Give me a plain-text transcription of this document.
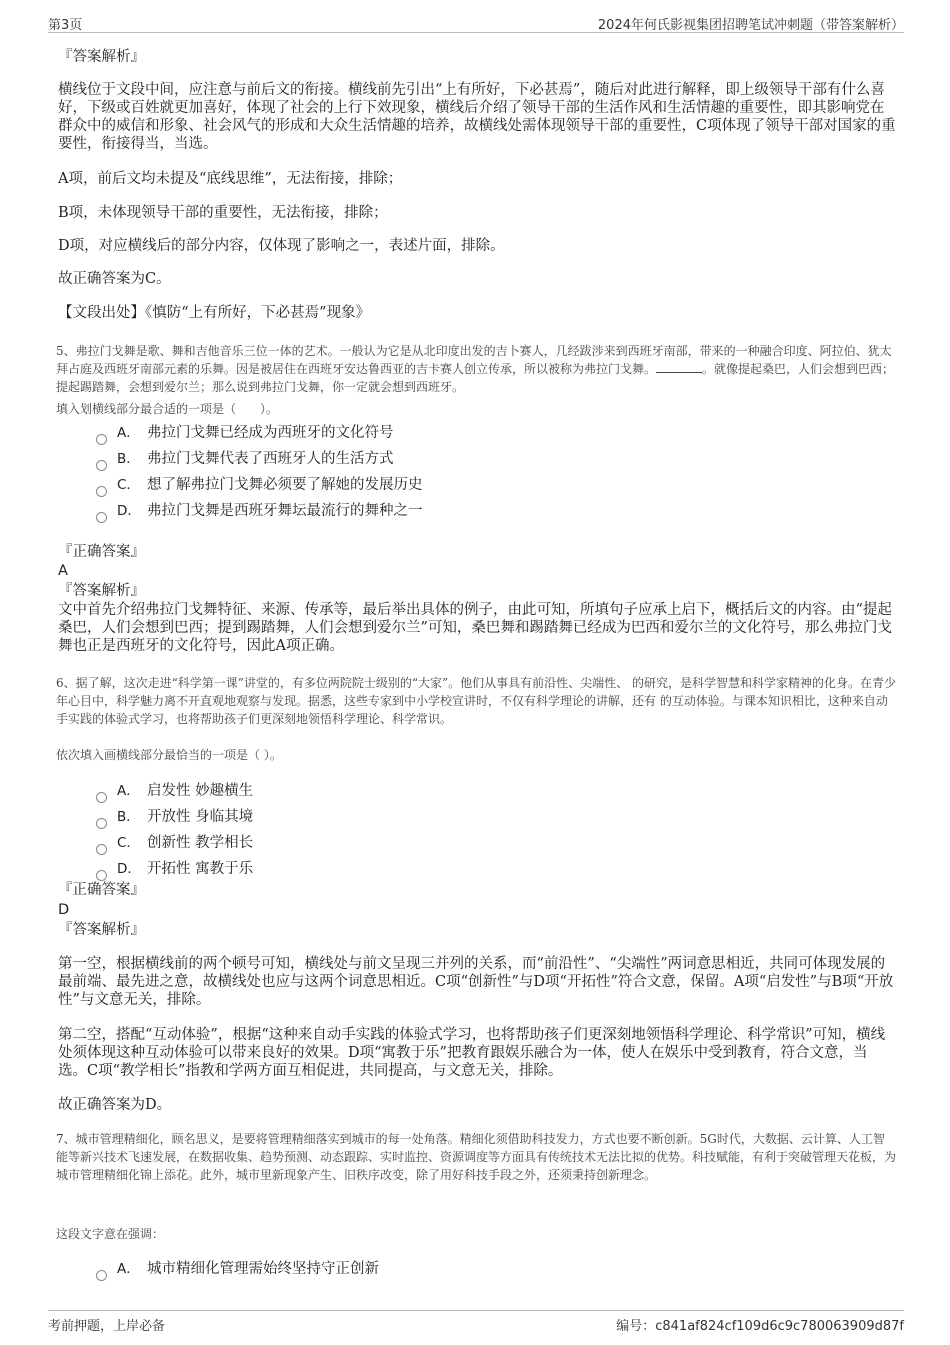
第3页	2024年何氏影视集团招聘笔试冲刺题（带答案解析）

『答案解析』

横线位于文段中间，应注意与前后文的衔接。横线前先引出“上有所好，下必甚焉”，随后对此进行解释，即上级领导干部有什么喜好，下级或百姓就更加喜好，体现了社会的上行下效现象，横线后介绍了领导干部的生活作风和生活情趣的重要性，即其影响党在群众中的威信和形象、社会风气的形成和大众生活情趣的培养，故横线处需体现领导干部的重要性，C项体现了领导干部对国家的重要性，衔接得当，当选。

A项，前后文均未提及“底线思维”，无法衔接，排除；

B项，未体现领导干部的重要性，无法衔接，排除；

D项，对应横线后的部分内容，仅体现了影响之一，表述片面，排除。

故正确答案为C。

【文段出处】《慎防“上有所好，下必甚焉”现象》

5、弗拉门戈舞是歌、舞和吉他音乐三位一体的艺术。一般认为它是从北印度出发的吉卜赛人，几经跋涉来到西班牙南部，带来的一种融合印度、阿拉伯、犹太拜占庭及西班牙南部元素的乐舞。因是被居住在西班牙安达鲁西亚的吉卡赛人创立传承，所以被称为弗拉门戈舞。	。就像提起桑巴，人们会想到巴西；提起踢踏舞，会想到爱尔兰；那么说到弗拉门戈舞，你一定就会想到西班牙。

填入划横线部分最合适的一项是（　　）。

A． 弗拉门戈舞已经成为西班牙的文化符号
B． 弗拉门戈舞代表了西班牙人的生活方式
C． 想了解弗拉门戈舞必须要了解她的发展历史
D． 弗拉门戈舞是西班牙舞坛最流行的舞种之一

『正确答案』

A

『答案解析』

文中首先介绍弗拉门戈舞特征、来源、传承等，最后举出具体的例子，由此可知，所填句子应承上启下，概括后文的内容。由“提起桑巴，人们会想到巴西；提到踢踏舞，人们会想到爱尔兰”可知，桑巴舞和踢踏舞已经成为巴西和爱尔兰的文化符号，那么弗拉门戈舞也正是西班牙的文化符号，因此A项正确。

6、据了解，这次走进“科学第一课”讲堂的，有多位两院院士级别的“大家”。他们从事具有前沿性、尖端性、 的研究，是科学智慧和科学家精神的化身。在青少年心目中，科学魅力离不开直观地观察与发现。据悉，这些专家到中小学校宣讲时，不仅有科学理论的讲解，还有 的互动体验。与课本知识相比，这种来自动手实践的体验式学习，也将帮助孩子们更深刻地领悟科学理论、科学常识。

依次填入画横线部分最恰当的一项是（ ）。

A． 启发性 妙趣横生
B． 开放性 身临其境
C． 创新性 教学相长
D． 开拓性 寓教于乐

『正确答案』

D

『答案解析』

第一空，根据横线前的两个顿号可知，横线处与前文呈现三并列的关系，而“前沿性”、“尖端性”两词意思相近，共同可体现发展的最前端、最先进之意，故横线处也应与这两个词意思相近。C项“创新性”与D项“开拓性”符合文意，保留。A项“启发性”与B项“开放性”与文意无关，排除。

第二空，搭配“互动体验”，根据“这种来自动手实践的体验式学习，也将帮助孩子们更深刻地领悟科学理论、科学常识”可知，横线处须体现这种互动体验可以带来良好的效果。D项“寓教于乐”把教育跟娱乐融合为一体，使人在娱乐中受到教育，符合文意，当选。C项“教学相长”指教和学两方面互相促进，共同提高，与文意无关，排除。

故正确答案为D。

7、城市管理精细化，顾名思义，是要将管理精细落实到城市的每一处角落。精细化须借助科技发力，方式也要不断创新。5G时代，大数据、云计算、人工智能等新兴技术飞速发展，在数据收集、趋势预测、动态跟踪、实时监控、资源调度等方面具有传统技术无法比拟的优势。科技赋能，有利于突破管理天花板，为城市管理精细化锦上添花。此外，城市里新现象产生、旧秩序改变，除了用好科技手段之外，还须秉持创新理念。

这段文字意在强调：

A． 城市精细化管理需始终坚持守正创新
考前押题，上岸必备	编号：c841af824cf109d6c9c780063909d87f
